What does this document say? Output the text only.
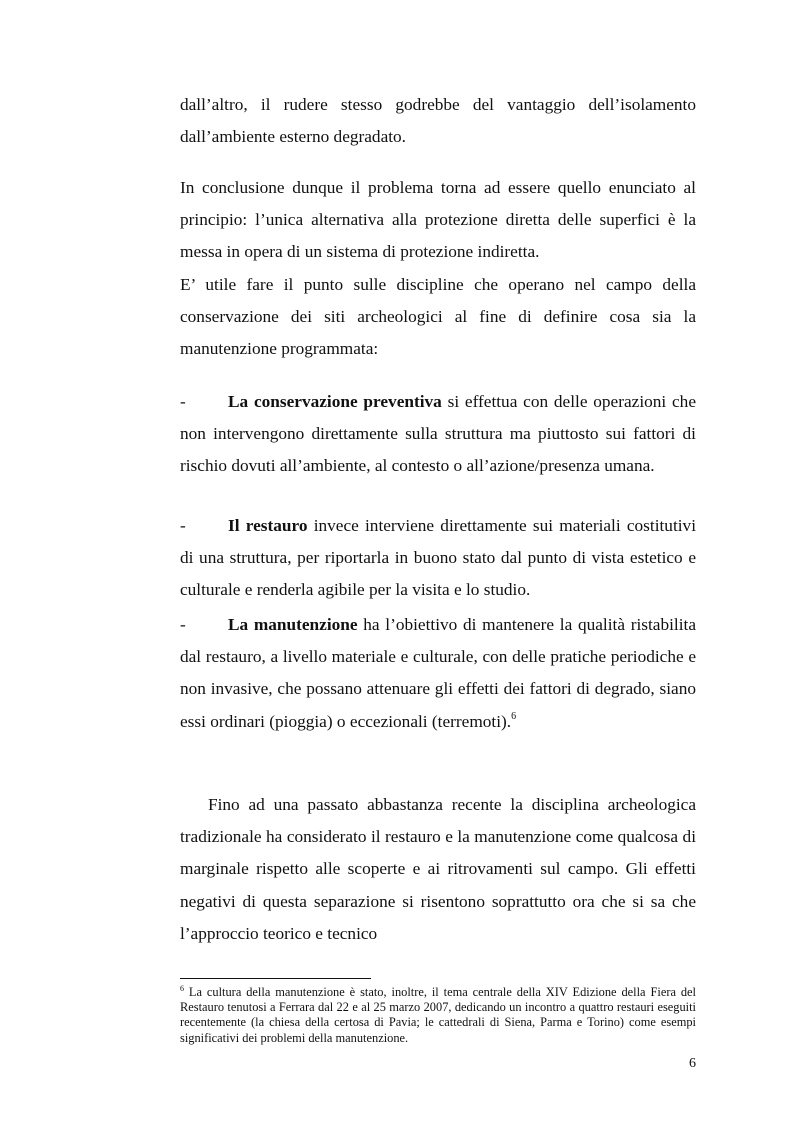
dall’altro, il rudere stesso godrebbe del vantaggio dell’isolamento dall’ambiente esterno degradato.

In conclusione dunque il problema torna ad essere quello enunciato al principio: l’unica alternativa alla protezione diretta delle superfici è la messa in opera di un sistema di protezione indiretta.
E’ utile fare il punto sulle discipline che operano nel campo della conservazione dei siti archeologici al fine di definire cosa sia la manutenzione programmata:

- La conservazione preventiva si effettua con delle operazioni che non intervengono direttamente sulla struttura ma piuttosto sui fattori di rischio dovuti all’ambiente, al contesto o all’azione/presenza umana.

- Il restauro invece interviene direttamente sui materiali costitutivi di una struttura, per riportarla in buono stato dal punto di vista estetico e culturale e renderla agibile per la visita e lo studio.

- La manutenzione ha l’obiettivo di mantenere la qualità ristabilita dal restauro, a livello materiale e culturale, con delle pratiche periodiche e non invasive, che possano attenuare gli effetti dei fattori di degrado, siano essi ordinari (pioggia) o eccezionali (terremoti).$^6$

Fino ad una passato abbastanza recente la disciplina archeologica tradizionale ha considerato il restauro e la manutenzione come qualcosa di marginale rispetto alle scoperte e ai ritrovamenti sul campo. Gli effetti negativi di questa separazione si risentono soprattutto ora che si sa che l’approccio teorico e tecnico

$^6$ La cultura della manutenzione è stato, inoltre, il tema centrale della XIV Edizione della Fiera del Restauro tenutosi a Ferrara dal 22 e al 25 marzo 2007, dedicando un incontro a quattro restauri eseguiti recentemente (la chiesa della certosa di Pavia; le cattedrali di Siena, Parma e Torino) come esempi significativi dei problemi della manutenzione.

6
